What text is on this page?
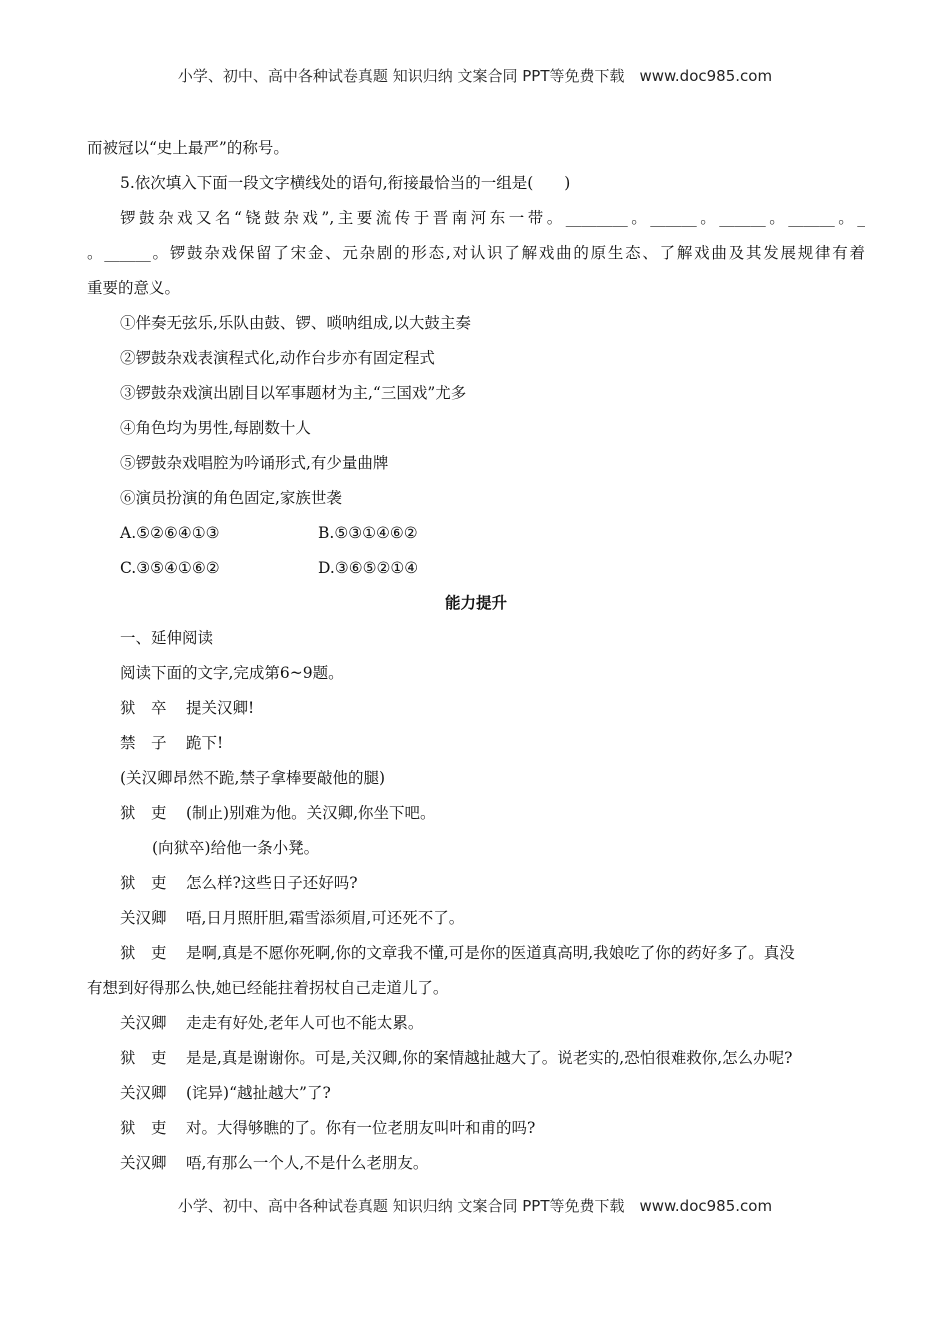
小学、初中、高中各种试卷真题 知识归纳 文案合同 PPT等免费下载　www.doc985.com
而被冠以“史上最严”的称号。
5.依次填入下面一段文字横线处的语句,衔接最恰当的一组是(　　)
锣鼓杂戏又名“铙鼓杂戏”,主要流传于晋南河东一带。________。______。______。______。_
。______。锣鼓杂戏保留了宋金、元杂剧的形态,对认识了解戏曲的原生态、了解戏曲及其发展规律有着
重要的意义。
①伴奏无弦乐,乐队由鼓、锣、唢呐组成,以大鼓主奏
②锣鼓杂戏表演程式化,动作台步亦有固定程式
③锣鼓杂戏演出剧目以军事题材为主,“三国戏”尤多
④角色均为男性,每剧数十人
⑤锣鼓杂戏唱腔为吟诵形式,有少量曲牌
⑥演员扮演的角色固定,家族世袭
A.⑤②⑥④①③	B.⑤③①④⑥②
C.③⑤④①⑥②	D.③⑥⑤②①④
能力提升
一、延伸阅读
阅读下面的文字,完成第6~9题。
狱　卒 提关汉卿!
禁　子 跪下!
(关汉卿昂然不跪,禁子拿棒要敲他的腿)
狱　吏 (制止)别难为他。关汉卿,你坐下吧。
(向狱卒)给他一条小凳。
狱　吏 怎么样?这些日子还好吗?
关汉卿 唔,日月照肝胆,霜雪添须眉,可还死不了。
狱　吏 是啊,真是不愿你死啊,你的文章我不懂,可是你的医道真高明,我娘吃了你的药好多了。真没
有想到好得那么快,她已经能拄着拐杖自己走道儿了。
关汉卿 走走有好处,老年人可也不能太累。
狱　吏 是是,真是谢谢你。可是,关汉卿,你的案情越扯越大了。说老实的,恐怕很难救你,怎么办呢?
关汉卿 (诧异)“越扯越大”了?
狱　吏 对。大得够瞧的了。你有一位老朋友叫叶和甫的吗?
关汉卿 唔,有那么一个人,不是什么老朋友。
小学、初中、高中各种试卷真题 知识归纳 文案合同 PPT等免费下载　www.doc985.com
